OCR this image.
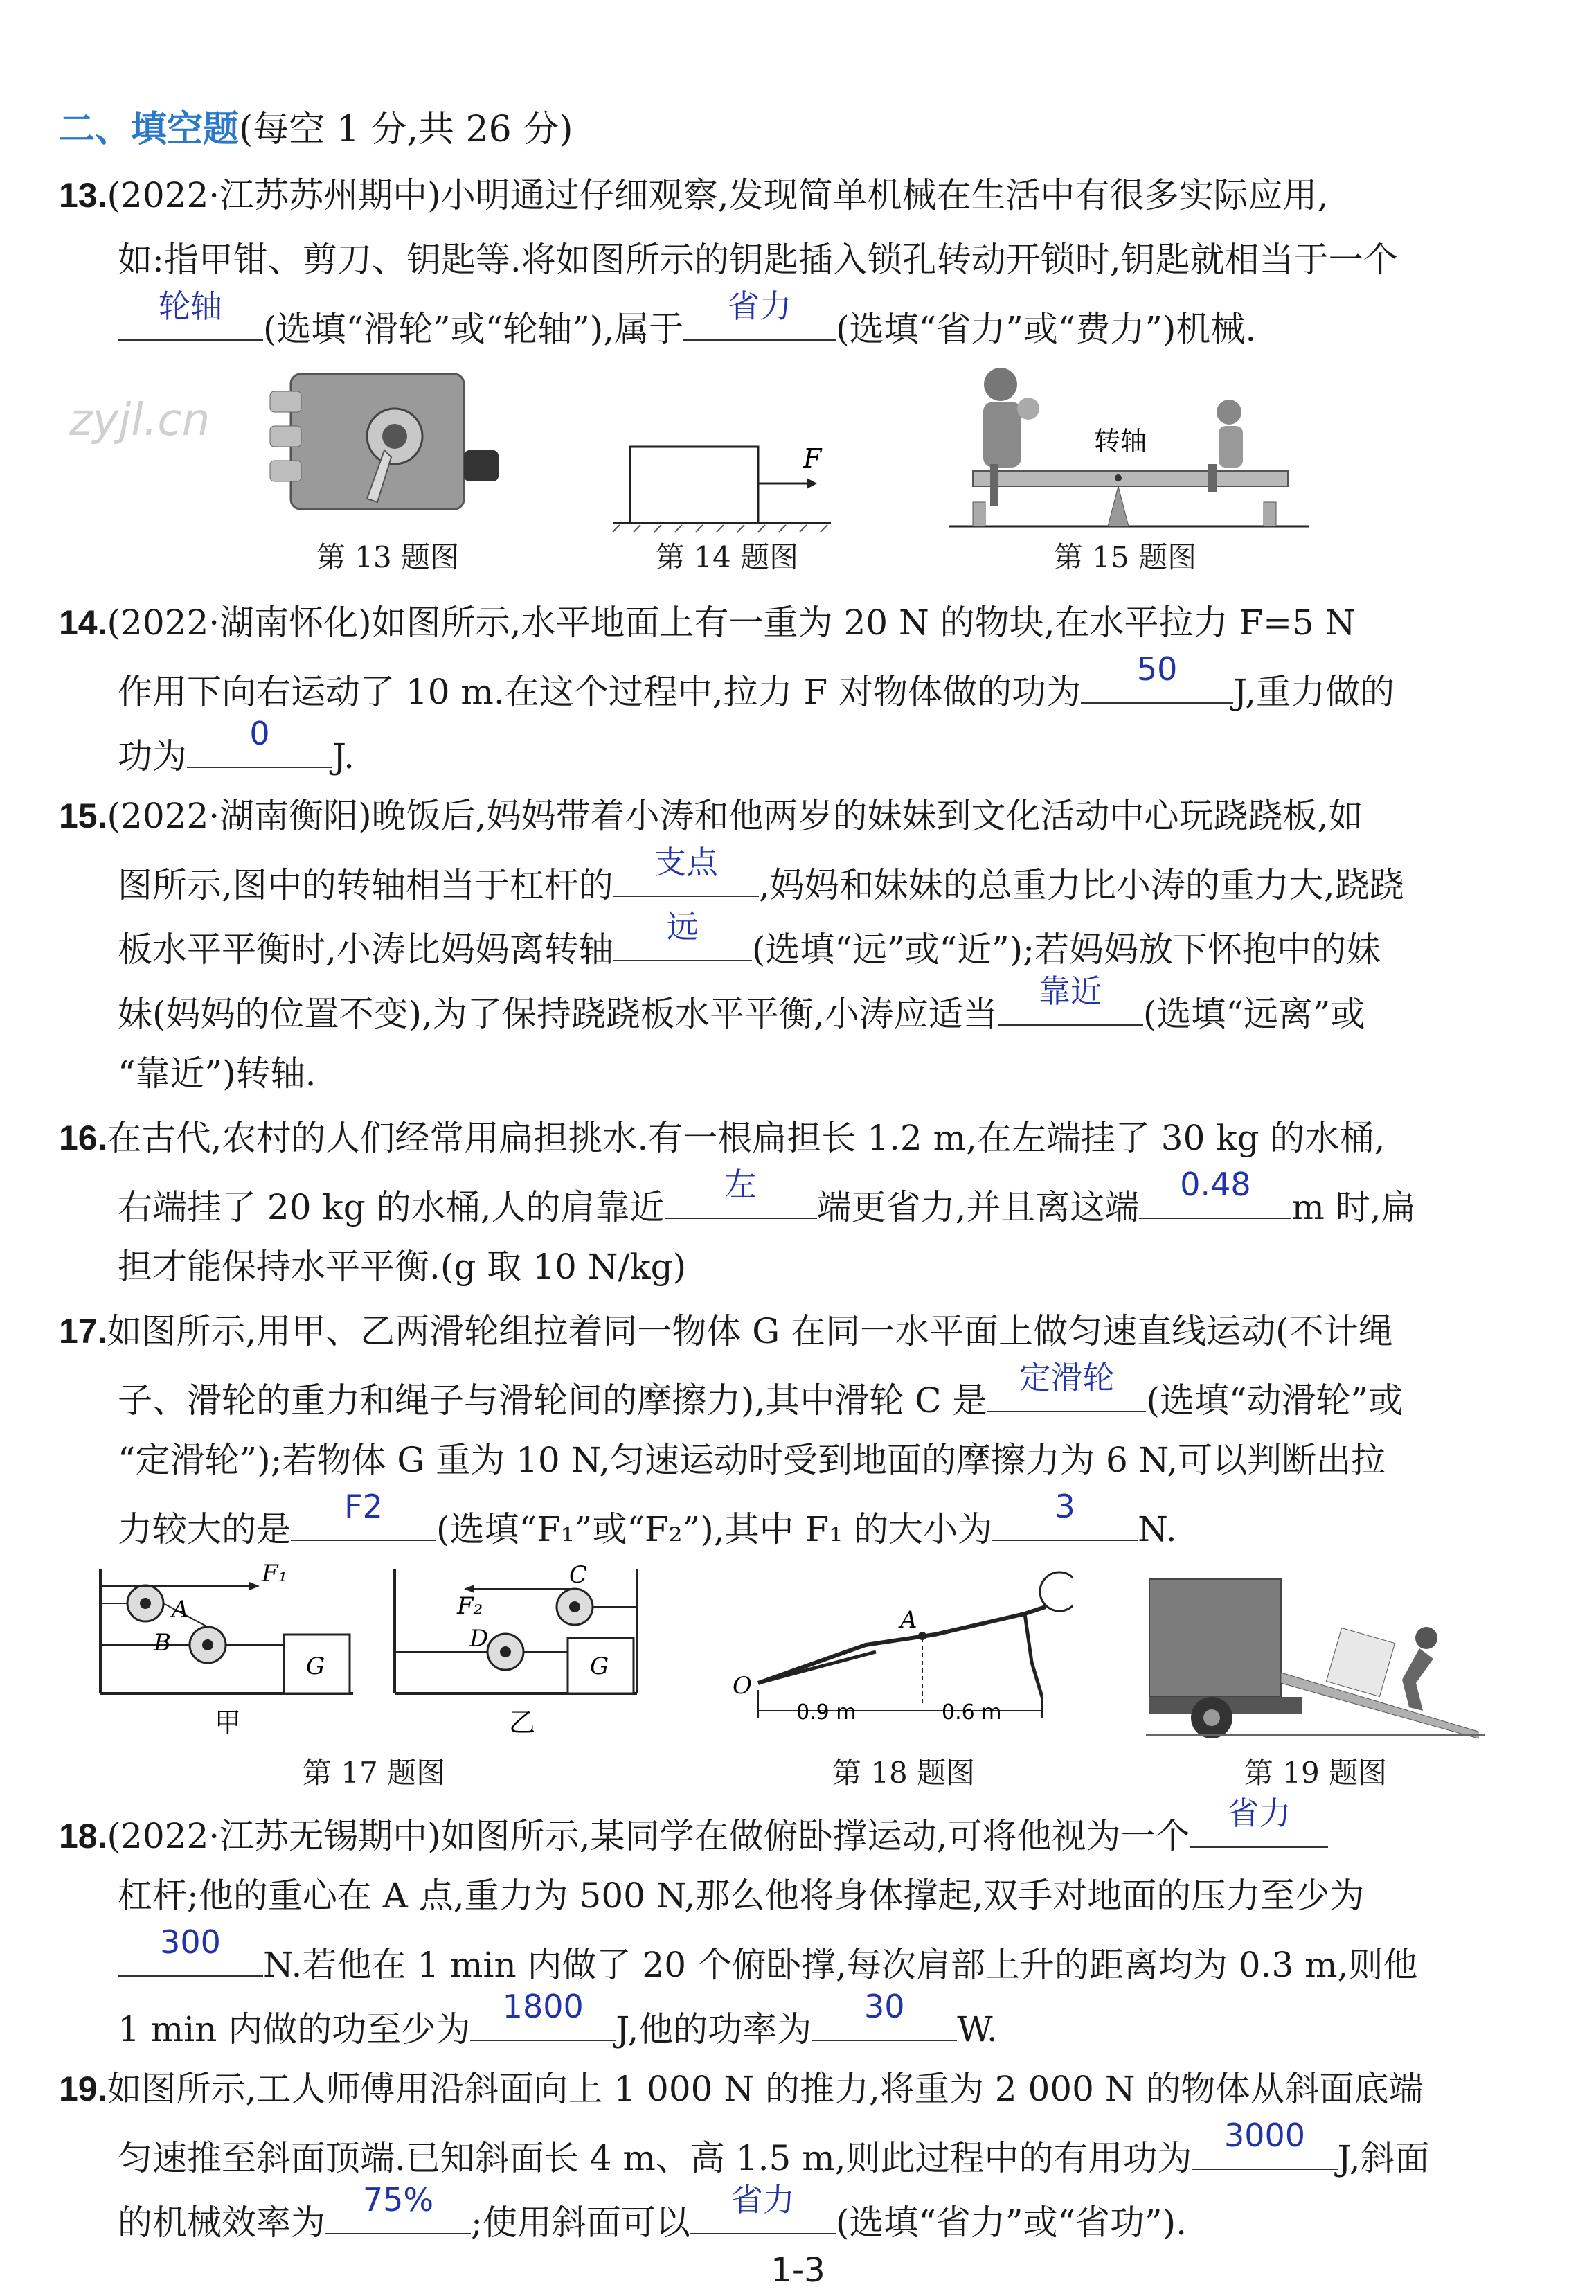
zyjl.cn
二、填空题(每空 1 分,共 26 分)
13.(2022·江苏苏州期中)小明通过仔细观察,发现简单机械在生活中有很多实际应用,
如:指甲钳、剪刀、钥匙等.将如图所示的钥匙插入锁孔转动开锁时,钥匙就相当于一个
轮轴
(选填“滑轮”或“轮轴”),属于
省力
(选填“省力”或“费力”)机械.
第 13 题图
F
第 14 题图
转轴
第 15 题图
14.(2022·湖南怀化)如图所示,水平地面上有一重为 20 N 的物块,在水平拉力 F=5 N
作用下向右运动了 10 m.在这个过程中,拉力 F 对物体做的功为
50
J,重力做的
功为
0
J.
15.(2022·湖南衡阳)晚饭后,妈妈带着小涛和他两岁的妹妹到文化活动中心玩跷跷板,如
图所示,图中的转轴相当于杠杆的
支点
,妈妈和妹妹的总重力比小涛的重力大,跷跷
板水平平衡时,小涛比妈妈离转轴
远
(选填“远”或“近”);若妈妈放下怀抱中的妹
妹(妈妈的位置不变),为了保持跷跷板水平平衡,小涛应适当
靠近
(选填“远离”或
“靠近”)转轴.
16.在古代,农村的人们经常用扁担挑水.有一根扁担长 1.2 m,在左端挂了 30 kg 的水桶,
右端挂了 20 kg 的水桶,人的肩靠近
左
端更省力,并且离这端
0.48
m 时,扁
担才能保持水平平衡.(g 取 10 N/kg)
17.如图所示,用甲、乙两滑轮组拉着同一物体 G 在同一水平面上做匀速直线运动(不计绳
子、滑轮的重力和绳子与滑轮间的摩擦力),其中滑轮 C 是
定滑轮
(选填“动滑轮”或
“定滑轮”);若物体 G 重为 10 N,匀速运动时受到地面的摩擦力为 6 N,可以判断出拉
力较大的是
F2
(选填“F₁”或“F₂”),其中 F₁ 的大小为
3
N.
F₁
A
B
G
甲
F₂
C
D
G
乙
第 17 题图
A
O
0.9 m	0.6 m
第 18 题图	第 19 题图
18.(2022·江苏无锡期中)如图所示,某同学在做俯卧撑运动,可将他视为一个
省力
杠杆;他的重心在 A 点,重力为 500 N,那么他将身体撑起,双手对地面的压力至少为
300
N.若他在 1 min 内做了 20 个俯卧撑,每次肩部上升的距离均为 0.3 m,则他
1 min 内做的功至少为
1800
J,他的功率为
30
W.
19.如图所示,工人师傅用沿斜面向上 1 000 N 的推力,将重为 2 000 N 的物体从斜面底端
匀速推至斜面顶端.已知斜面长 4 m、高 1.5 m,则此过程中的有用功为
3000
J,斜面
的机械效率为
75%
;使用斜面可以
省力
(选填“省力”或“省功”).
1-3
